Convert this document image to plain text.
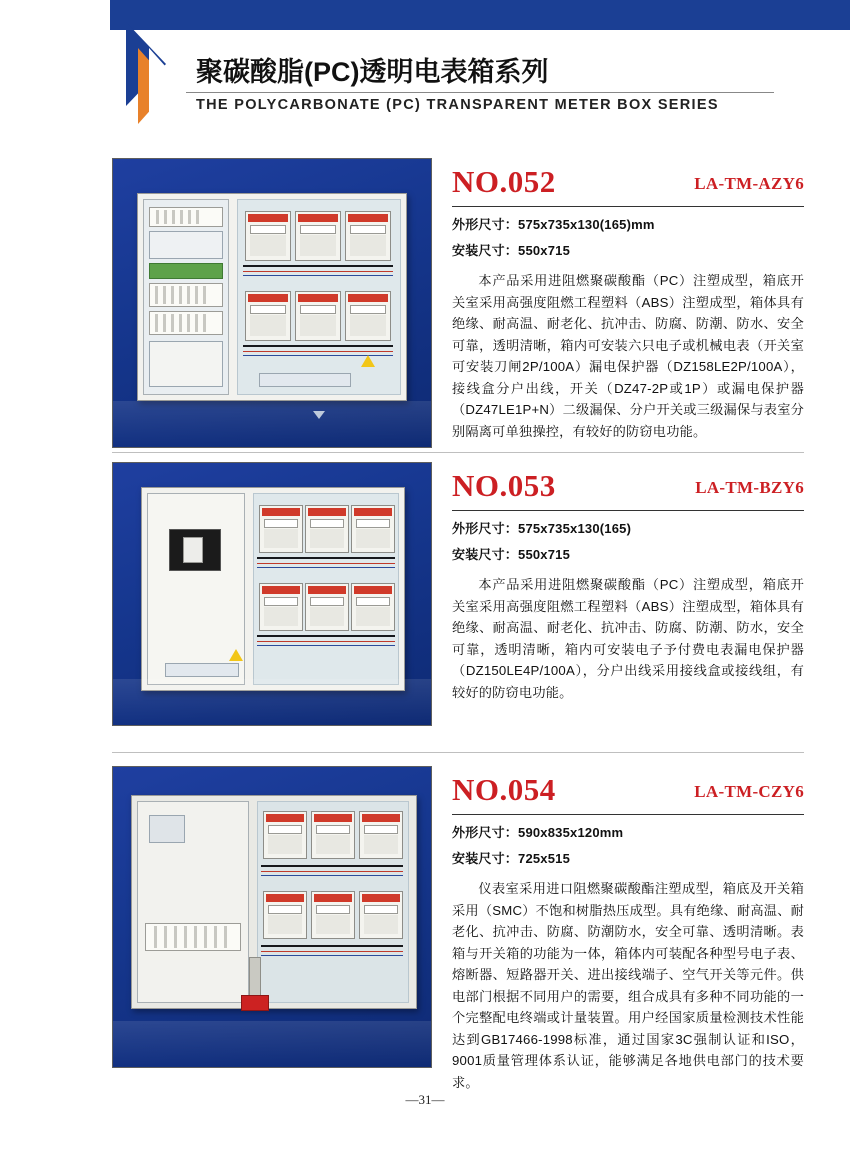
聚碳酸脂(PC)透明电表箱系列
THE POLYCARBONATE (PC) TRANSPARENT METER BOX SERIES
NO.052	LA-TM-AZY6
外形尺寸：575x735x130(165)mm
安装尺寸：550x715
本产品采用进阻燃聚碳酸酯（PC）注塑成型，箱底开关室采用高强度阻燃工程塑料（ABS）注塑成型，箱体具有绝缘、耐高温、耐老化、抗冲击、防腐、防潮、防水、安全可靠，透明清晰，箱内可安装六只电子或机械电表（开关室可安装刀闸2P/100A）漏电保护器（DZ158LE2P/100A），接线盒分户出线，开关（DZ47-2P或1P）或漏电保护器（DZ47LE1P+N）二级漏保、分户开关或三级漏保与表室分别隔离可单独操控，有较好的防窃电功能。
NO.053	LA-TM-BZY6
外形尺寸：575x735x130(165)
安装尺寸：550x715
本产品采用进阻燃聚碳酸酯（PC）注塑成型，箱底开关室采用高强度阻燃工程塑料（ABS）注塑成型，箱体具有绝缘、耐高温、耐老化、抗冲击、防腐、防潮、防水，安全可靠，透明清晰，箱内可安装电子予付费电表漏电保护器（DZ150LE4P/100A），分户出线采用接线盒或接线组，有较好的防窃电功能。
NO.054	LA-TM-CZY6
外形尺寸：590x835x120mm
安装尺寸：725x515
仪表室采用进口阻燃聚碳酸酯注塑成型，箱底及开关箱采用（SMC）不饱和树脂热压成型。具有绝缘、耐高温、耐老化、抗冲击、防腐、防潮防水，安全可靠、透明清晰。表箱与开关箱的功能为一体，箱体内可装配各种型号电子表、熔断器、短路器开关、进出接线端子、空气开关等元件。供电部门根据不同用户的需要，组合成具有多种不同功能的一个完整配电终端或计量装置。用户经国家质量检测技术性能达到GB17466-1998标准，通过国家3C强制认证和ISO，9001质量管理体系认证，能够满足各地供电部门的技术要求。
—31—
